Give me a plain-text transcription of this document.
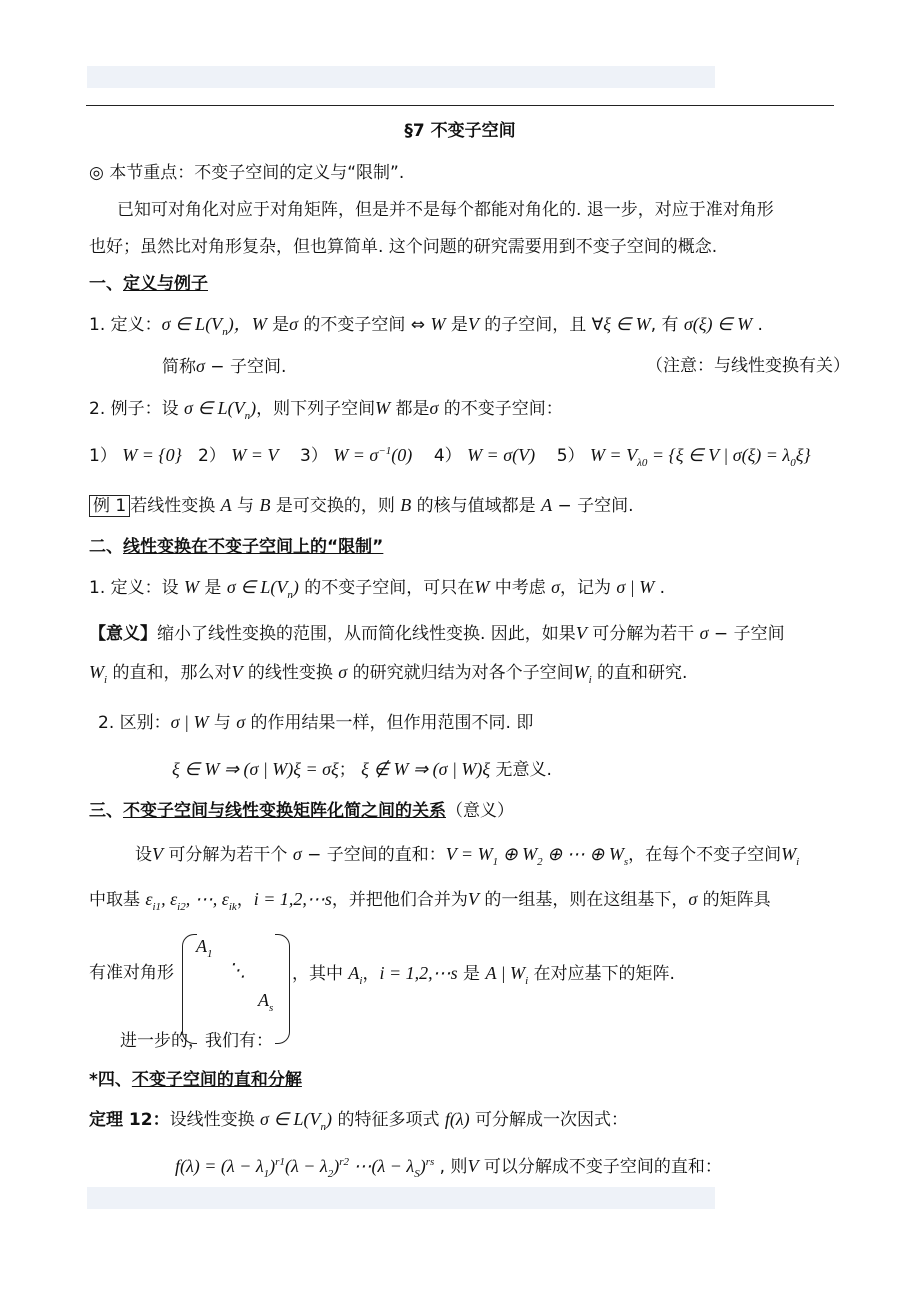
§7 不变子空间
◎ 本节重点：不变子空间的定义与“限制”.
已知可对角化对应于对角矩阵，但是并不是每个都能对角化的. 退一步，对应于准对角形
也好；虽然比对角形复杂，但也算简单. 这个问题的研究需要用到不变子空间的概念.
一、定义与例子
1. 定义：σ ∈ $L(V_n)$，W 是σ 的不变子空间 ⇔ W 是V 的子空间，且 ∀ξ ∈ W, 有 σ(ξ) ∈ W .
简称σ − 子空间.	（注意：与线性变换有关）
2. 例子：设 σ ∈ $L(V_n)$，则下列子空间W 都是σ 的不变子空间：
1） W = {0} 2） W = V 3） $W = \sigma^{-1}(0)$ 4） W = σ(V) 5） $W = V_{\lambda 0} = \{\xi$ ∈ V | $\sigma(\xi) = \lambda_0\xi$}
例 1 若线性变换 A 与 B 是可交换的，则 B 的核与值域都是 A − 子空间.
二、线性变换在不变子空间上的“限制”
1. 定义：设 W 是 σ ∈ $L(V_n)$ 的不变子空间，可只在W 中考虑 σ，记为 σ | W .
【意义】缩小了线性变换的范围，从而简化线性变换. 因此，如果V 可分解为若干 σ − 子空间
$W_i$ 的直和，那么对V 的线性变换 σ 的研究就归结为对各个子空间$W_i$ 的直和研究.
2. 区别：σ | W 与 σ 的作用结果一样，但作用范围不同. 即
ξ ∈ W ⇒ (σ | W)ξ = σξ； ξ ∉ W ⇒ (σ | W)ξ 无意义.
三、不变子空间与线性变换矩阵化简之间的关系（意义）
设V 可分解为若干个 σ − 子空间的直和：$V = W_1$ ⊕ $W_2$ ⊕ ⋯ ⊕ $W_s$，在每个不变子空间$W_i$
中取基 $\varepsilon_{i1}$, $\varepsilon_{i2}$, ⋯, $\varepsilon_{ik}$，i = 1,2,⋯s，并把他们合并为V 的一组基，则在这组基下，σ 的矩阵具
有准对角形
$A_1$
⋱
$A_s$
，其中 $A_i$，i = 1,2,⋯s 是 A | $W_i$ 在对应基下的矩阵.
进一步的，我们有：
*四、不变子空间的直和分解
定理 12：设线性变换 σ ∈ $L(V_n)$ 的特征多项式 f(λ) 可分解成一次因式：
$f(\lambda) = (\lambda - \lambda_1)^{r1}(\lambda - \lambda_2)^{r2}$ ⋯(λ − $\lambda_S)^{rs}$ , 则V 可以分解成不变子空间的直和：
